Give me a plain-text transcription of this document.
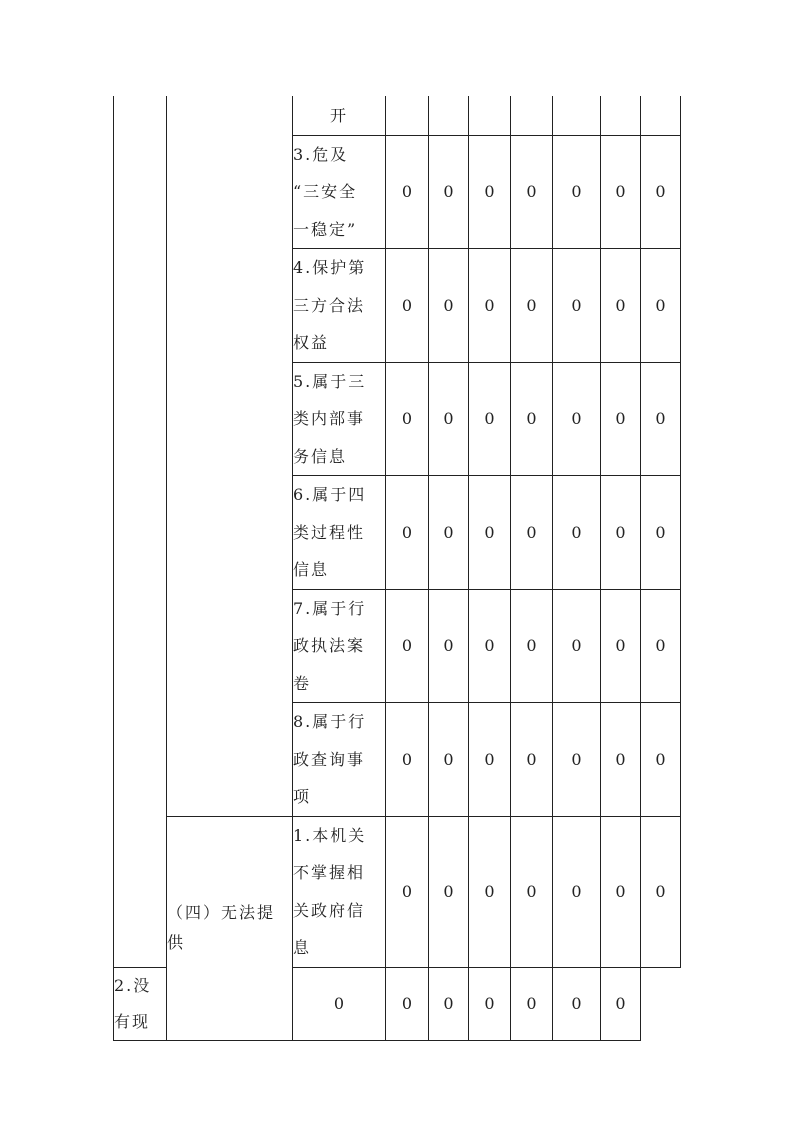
		开							
		3.危及
“三安全
一稳定”	0	0	0	0	0	0	0
		4.保护第
三方合法
权益	0	0	0	0	0	0	0
		5.属于三
类内部事
务信息	0	0	0	0	0	0	0
		6.属于四
类过程性
信息	0	0	0	0	0	0	0
		7.属于行
政执法案
卷	0	0	0	0	0	0	0
		8.属于行
政查询事
项	0	0	0	0	0	0	0
	（四）无法提供	1.本机关
不掌握相
关政府信
息	0	0	0	0	0	0	0
2.没有现		0	0	0	0	0	0	0	
